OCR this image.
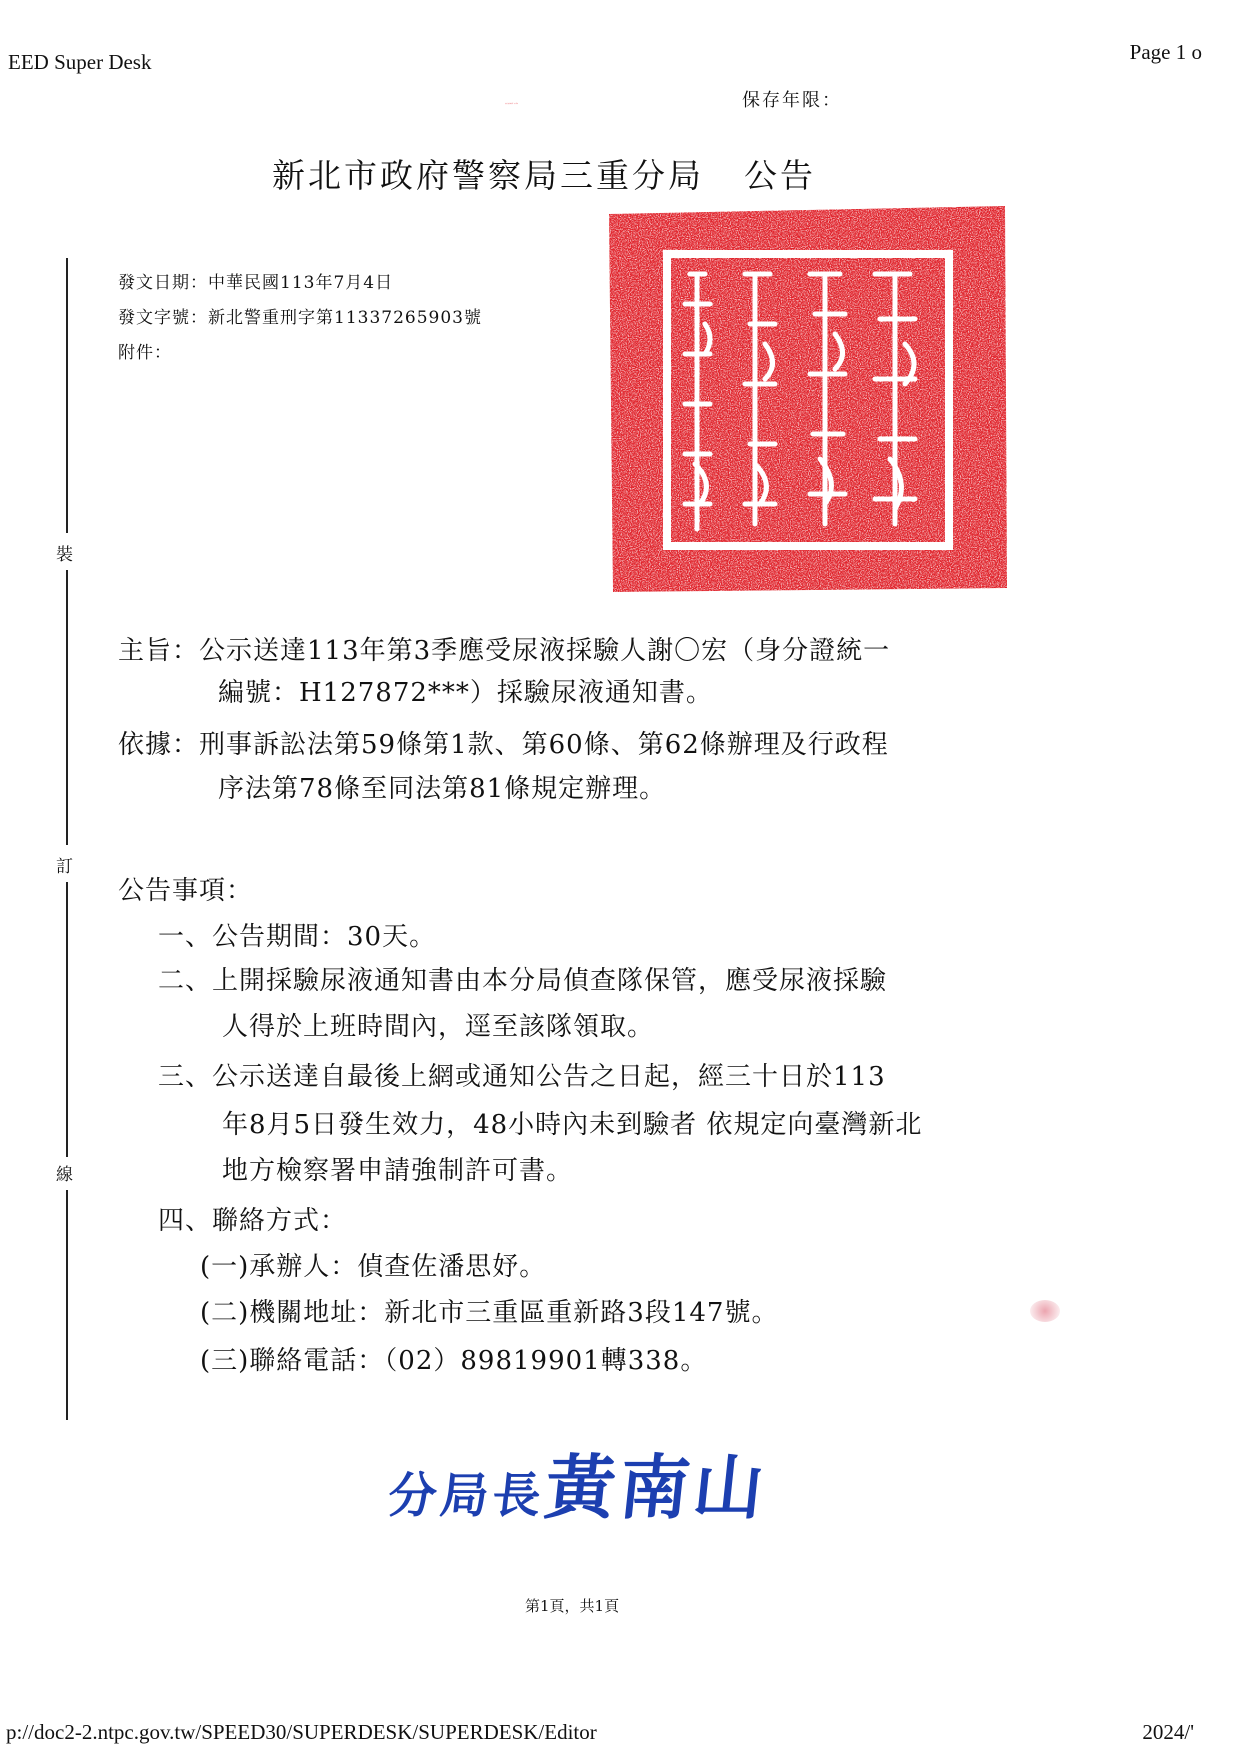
EED Super Desk	Page 1 o
保存年限：
新北市政府警察局三重分局 公告
發文日期：中華民國113年7月4日
發文字號：新北警重刑字第11337265903號
附件：
裝
訂
線
新北市政府警察局三重分局印
主旨：公示送達113年第3季應受尿液採驗人謝〇宏（身分證統一
編號：H127872***）採驗尿液通知書。
依據：刑事訴訟法第59條第1款、第60條、第62條辦理及行政程
序法第78條至同法第81條規定辦理。
公告事項：
一、公告期間：30天。
二、上開採驗尿液通知書由本分局偵查隊保管，應受尿液採驗
人得於上班時間內，逕至該隊領取。
三、公示送達自最後上網或通知公告之日起，經三十日於113
年8月5日發生效力，48小時內未到驗者 依規定向臺灣新北
地方檢察署申請強制許可書。
四、聯絡方式：
(一)承辦人：偵查佐潘思妤。
(二)機關地址：新北市三重區重新路3段147號。
(三)聯絡電話：（02）89819901轉338。
分局長黃南山
第1頁，共1頁
p://doc2-2.ntpc.gov.tw/SPEED30/SUPERDESK/SUPERDESK/Editor	2024/'
